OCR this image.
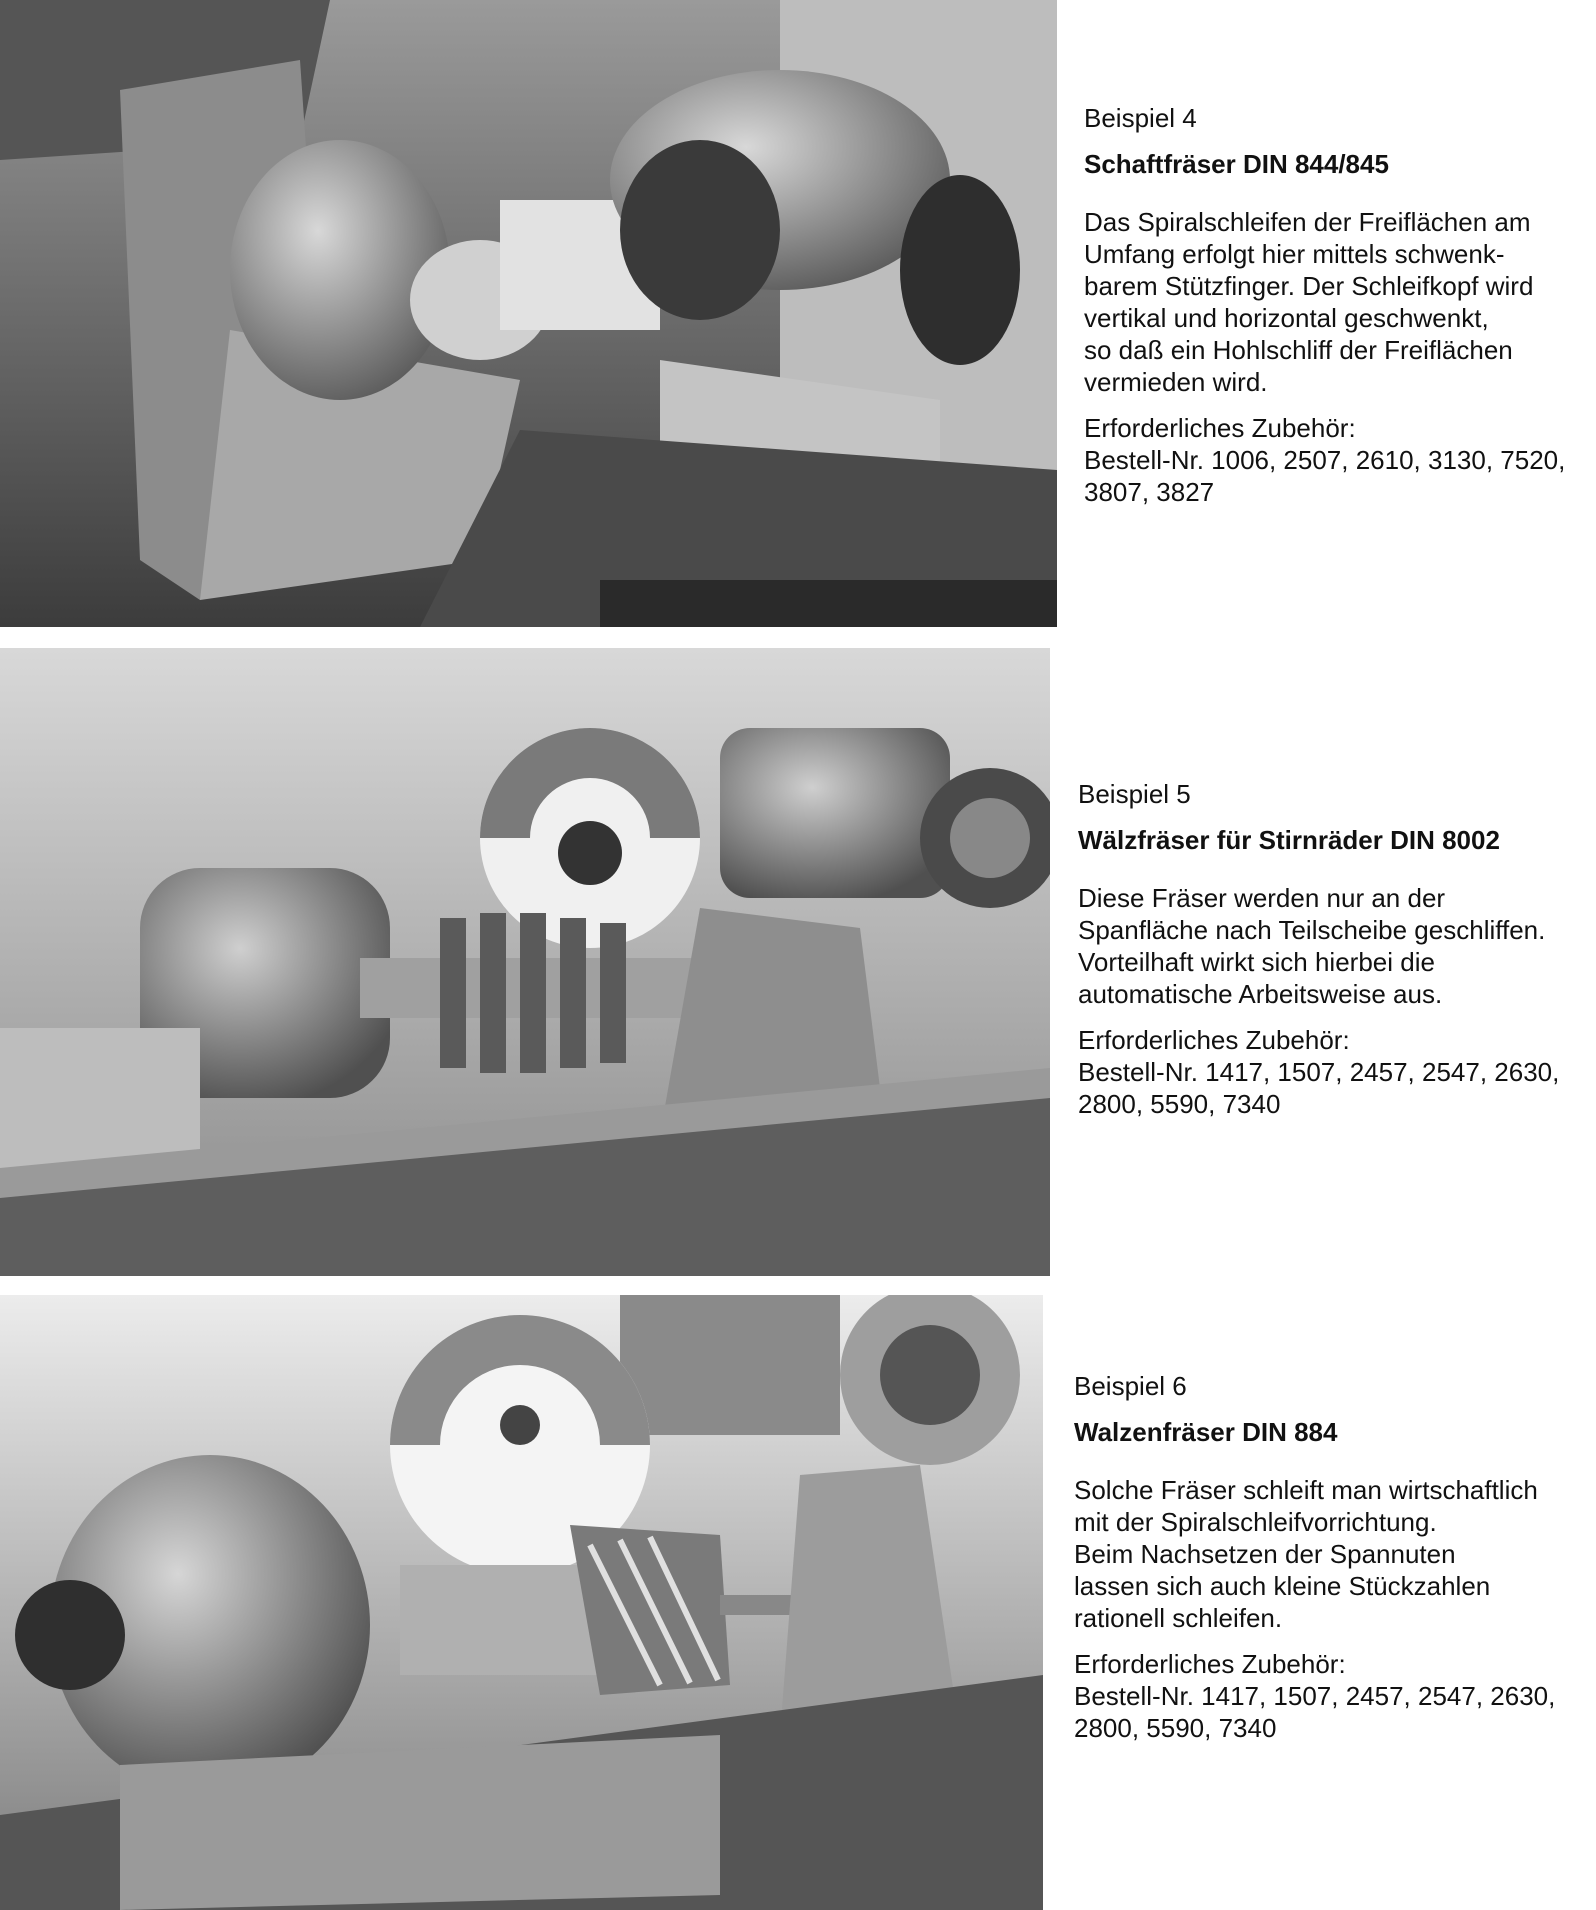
Beispiel 4

Schaftfräser DIN 844/845

Das Spiralschleifen der Freiflächen am

Umfang erfolgt hier mittels schwenk-

barem Stützfinger. Der Schleifkopf wird

vertikal und horizontal geschwenkt,

so daß ein Hohlschliff der Freiflächen

vermieden wird.

Erforderliches Zubehör:

Bestell-Nr. 1006, 2507, 2610, 3130, 7520,

3807, 3827

Beispiel 5

Wälzfräser für Stirnräder DIN 8002

Diese Fräser werden nur an der

Spanfläche nach Teilscheibe geschliffen.

Vorteilhaft wirkt sich hierbei die

automatische Arbeitsweise aus.

Erforderliches Zubehör:

Bestell-Nr. 1417, 1507, 2457, 2547, 2630,

2800, 5590, 7340

Beispiel 6

Walzenfräser DIN 884

Solche Fräser schleift man wirtschaftlich

mit der Spiralschleifvorrichtung.

Beim Nachsetzen der Spannuten

lassen sich auch kleine Stückzahlen

rationell schleifen.

Erforderliches Zubehör:

Bestell-Nr. 1417, 1507, 2457, 2547, 2630,

2800, 5590, 7340
